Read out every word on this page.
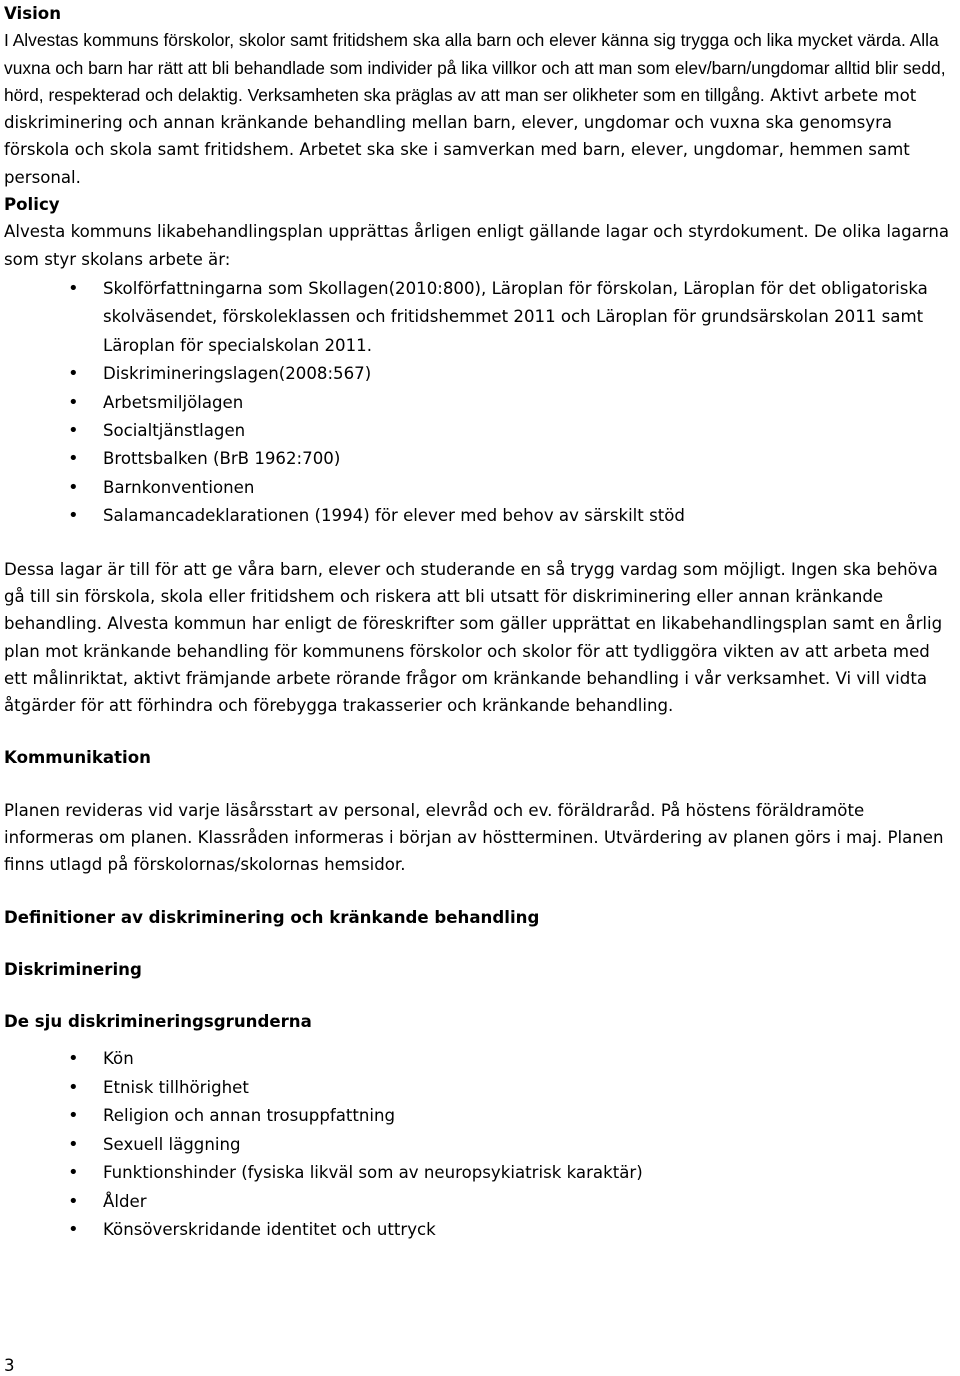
Vision

I Alvestas kommuns förskolor, skolor samt fritidshem ska alla barn och elever känna sig trygga och lika mycket värda. Alla vuxna och barn har rätt att bli behandlade som individer på lika villkor och att man som elev/barn/ungdomar alltid blir sedd, hörd, respekterad och delaktig. Verksamheten ska präglas av att man ser olikheter som en tillgång. Aktivt arbete mot diskriminering och annan kränkande behandling mellan barn, elever, ungdomar och vuxna ska genomsyra förskola och skola samt fritidshem. Arbetet ska ske i samverkan med barn, elever, ungdomar, hemmen samt personal.

Policy

Alvesta kommuns likabehandlingsplan upprättas årligen enligt gällande lagar och styrdokument. De olika lagarna som styr skolans arbete är:

• Skolförfattningarna som Skollagen(2010:800), Läroplan för förskolan, Läroplan för det obligatoriska skolväsendet, förskoleklassen och fritidshemmet 2011 och Läroplan för grundsärskolan 2011 samt Läroplan för specialskolan 2011.
• Diskrimineringslagen(2008:567)
• Arbetsmiljölagen
• Socialtjänstlagen
• Brottsbalken (BrB 1962:700)
• Barnkonventionen
• Salamancadeklarationen (1994) för elever med behov av särskilt stöd

Dessa lagar är till för att ge våra barn, elever och studerande en så trygg vardag som möjligt. Ingen ska behöva gå till sin förskola, skola eller fritidshem och riskera att bli utsatt för diskriminering eller annan kränkande behandling. Alvesta kommun har enligt de föreskrifter som gäller upprättat en likabehandlingsplan samt en årlig plan mot kränkande behandling för kommunens förskolor och skolor för att tydliggöra vikten av att arbeta med ett målinriktat, aktivt främjande arbete rörande frågor om kränkande behandling i vår verksamhet. Vi vill vidta åtgärder för att förhindra och förebygga trakasserier och kränkande behandling.

Kommunikation

Planen revideras vid varje läsårsstart av personal, elevråd och ev. föräldraråd. På höstens föräldramöte informeras om planen. Klassråden informeras i början av höstterminen. Utvärdering av planen görs i maj. Planen finns utlagd på förskolornas/skolornas hemsidor.

Definitioner av diskriminering och kränkande behandling

Diskriminering

De sju diskrimineringsgrunderna

• Kön
• Etnisk tillhörighet
• Religion och annan trosuppfattning
• Sexuell läggning
• Funktionshinder (fysiska likväl som av neuropsykiatrisk karaktär)
• Ålder
• Könsöverskridande identitet och uttryck
3
